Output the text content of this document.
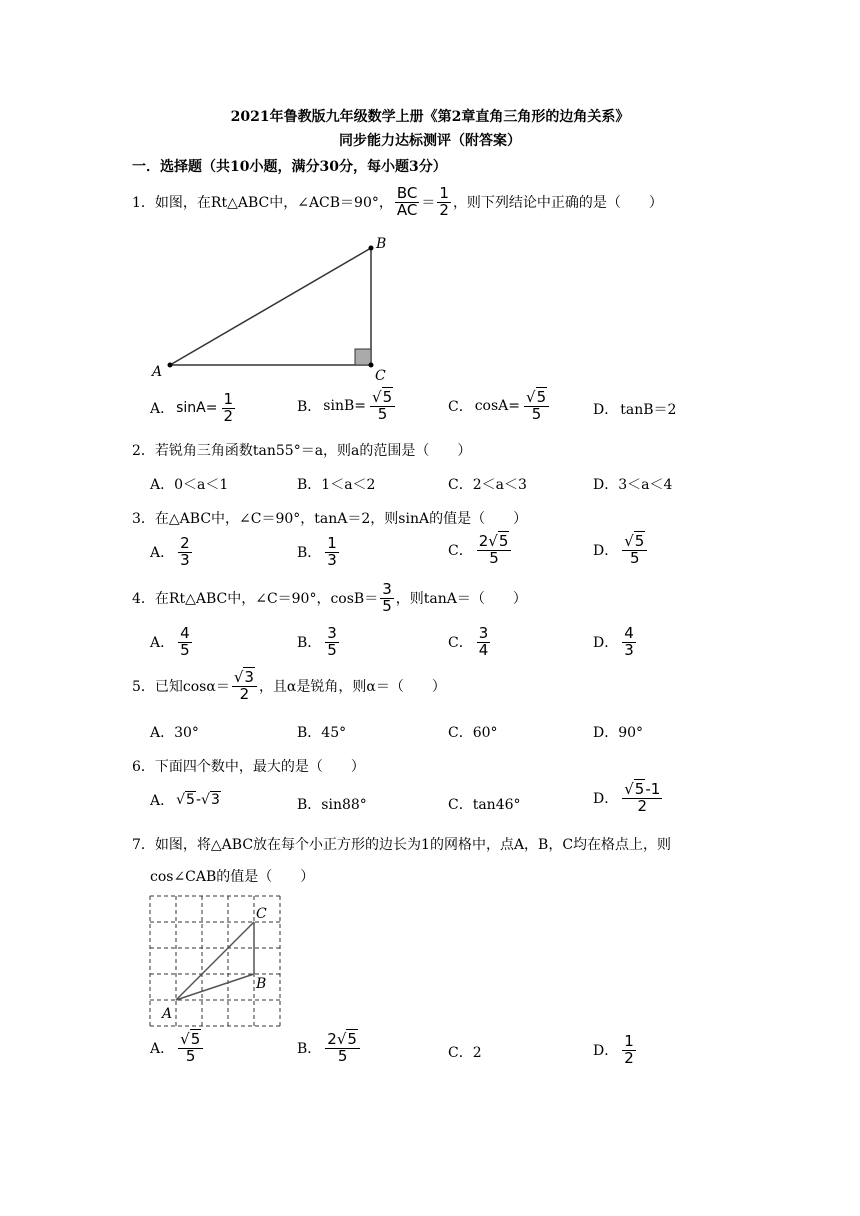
2021年鲁教版九年级数学上册《第2章直角三角形的边角关系》
同步能力达标测评（附答案）
一．选择题（共10小题，满分30分，每小题3分）
1．如图，在Rt△ABC中，∠ACB＝90°， $\frac{BC}{AC} = \frac{1}{2}$ ，则下列结论中正确的是（　　）
A
B
C
A． $\sin A= \frac{1}{2}$	B． $\sin B= \frac{√5}{5}$	C． $\cos A= \frac{√5}{5}$	D． tanB＝2
2．若锐角三角函数tan55°＝a，则a的范围是（　　）
A．0＜a＜1	B．1＜a＜2	C．2＜a＜3	D．3＜a＜4
3．在△ABC中，∠C＝90°，tanA＝2，则sinA的值是（　　）
A． $\frac{2}{3}$	B． $\frac{1}{3}$	C． $\frac{2√5}{5}$	D． $\frac{√5}{5}$
4．在Rt△ABC中，∠C＝90°，$\cos B= \frac{3}{5}$ ，则tanA＝（　　）
A． $\frac{4}{5}$	B． $\frac{3}{5}$	C． $\frac{3}{4}$	D． $\frac{4}{3}$
5．已知$\cos\alpha= \frac{√3}{2}$ ，且α是锐角，则α＝（　　）
A．30°	B．45°	C．60°	D．90°
6．下面四个数中，最大的是（　　）
A． √5-√3	B．sin88°	C．tan46°	D． $\frac{√5-1}{2}$
7．如图，将△ABC放在每个小正方形的边长为1的网格中，点A，B，C均在格点上，则
cos∠CAB的值是（　　）
A
B
C
A． $\frac{√5}{5}$	B． $\frac{2√5}{5}$	C．2	D． $\frac{1}{2}$
